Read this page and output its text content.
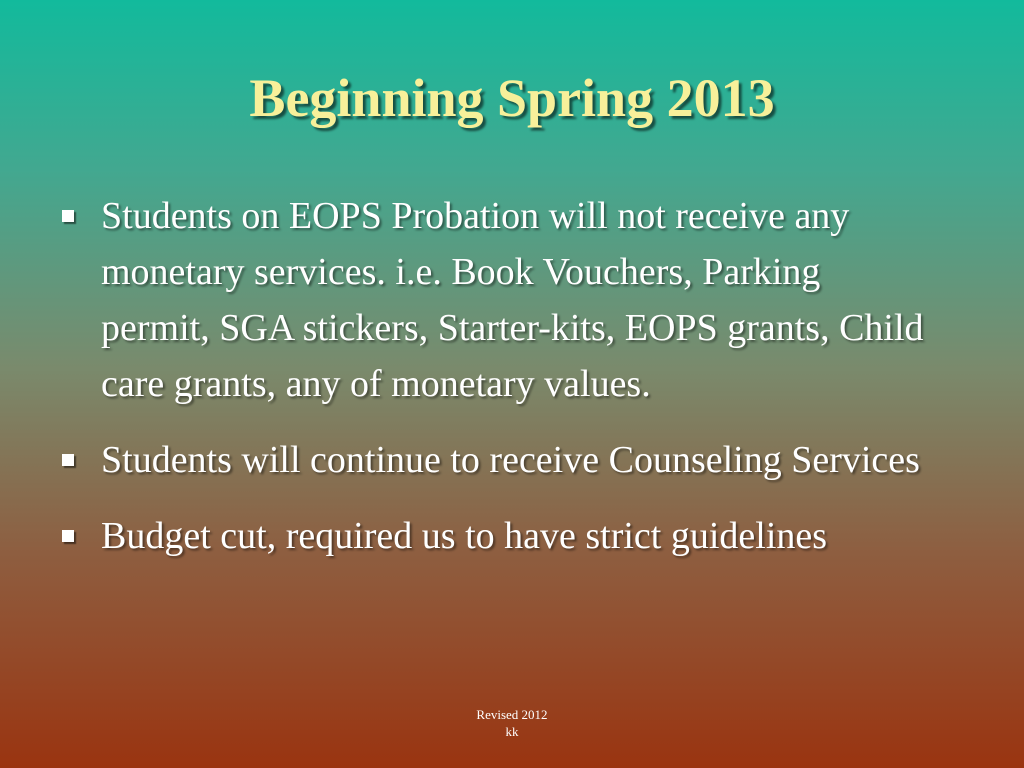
Beginning Spring 2013
Students on EOPS Probation will not receive any monetary services. i.e. Book Vouchers, Parking permit, SGA stickers, Starter-kits, EOPS grants, Child care grants, any of monetary values.
Students will continue to receive Counseling Services
Budget cut, required us to have strict guidelines
Revised 2012
kk
